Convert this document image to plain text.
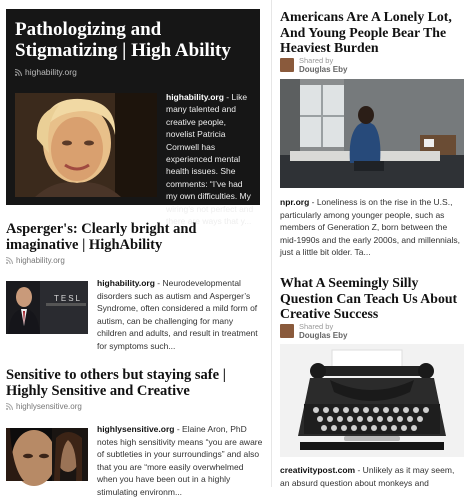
Pathologizing and Stigmatizing | High Ability
highability.org
highability.org - Like many talented and creative people, novelist Patricia Cornwell has experienced mental health issues. She comments: “I’ve had my own difficulties. My wiring’s not perfect and there are ways that y...
Asperger's: Clearly bright and imaginative | HighAbility
highability.org
TESL
highability.org - Neurodevelopmental disorders such as autism and Asperger’s Syndrome, often considered a mild form of autism, can be challenging for many children and adults, and result in treatment for symptoms such...
Sensitive to others but staying safe | Highly Sensitive and Creative
highlysensitive.org
highlysensitive.org - Elaine Aron, PhD notes high sensitivity means “you are aware of subtleties in your surroundings” and also that you are “more easily overwhelmed when you have been out in a highly stimulating environm...
Americans Are A Lonely Lot, And Young People Bear The Heaviest Burden
Shared by
Douglas Eby
npr.org - Loneliness is on the rise in the U.S., particularly among younger people, such as members of Generation Z, born between the mid-1990s and the early 2000s, and millennials, just a little bit older. Ta...
What A Seemingly Silly Question Can Teach Us About Creative Success
Shared by
Douglas Eby
creativitypost.com - Unlikely as it may seem, an absurd question about monkeys and
